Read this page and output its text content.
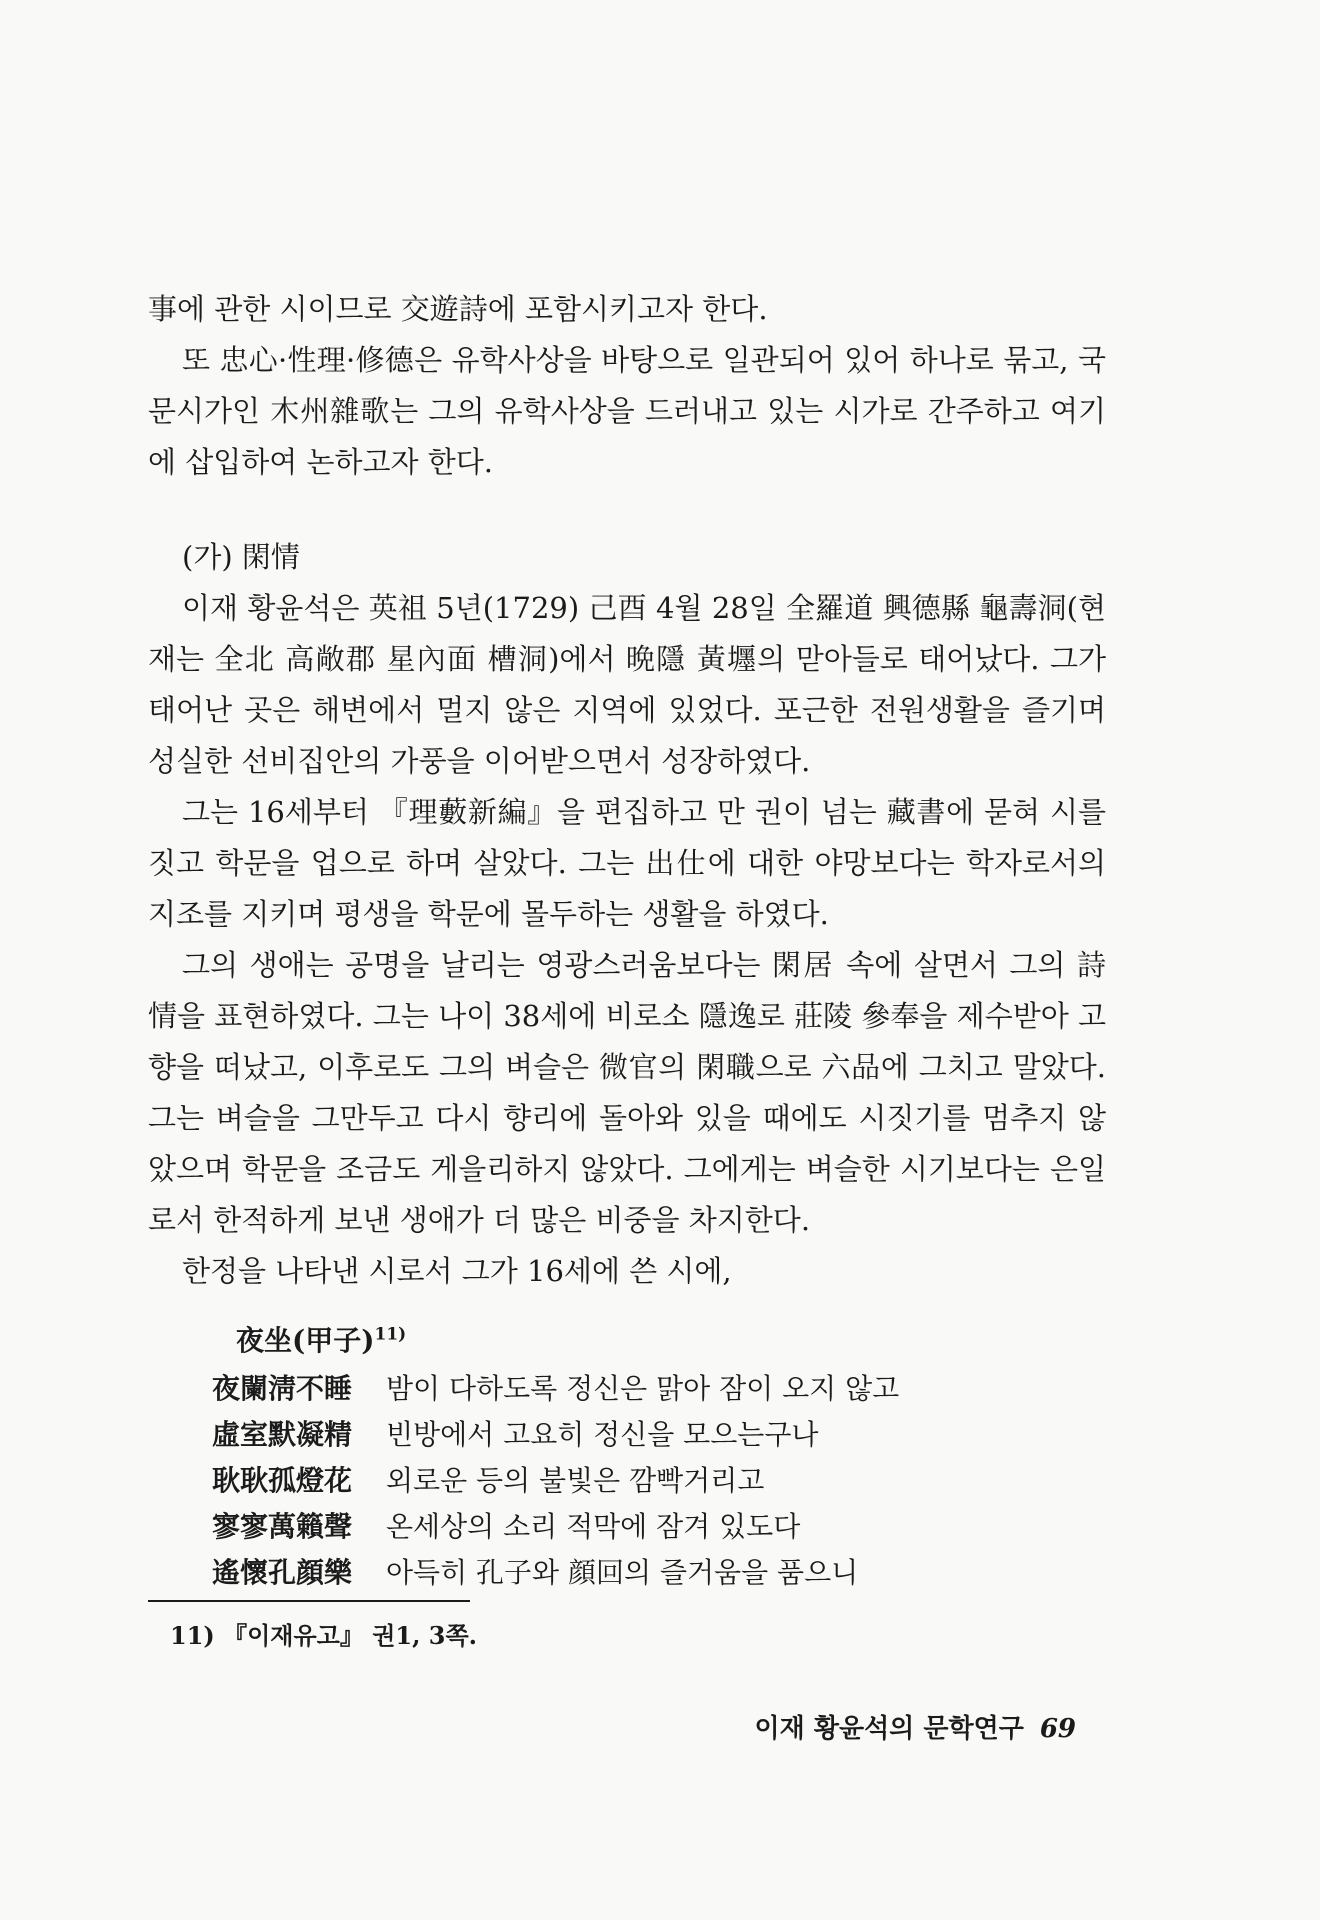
事에 관한 시이므로 交遊詩에 포함시키고자 한다.

또 忠心·性理·修德은 유학사상을 바탕으로 일관되어 있어 하나로 묶고, 국문시가인 木州雜歌는 그의 유학사상을 드러내고 있는 시가로 간주하고 여기에 삽입하여 논하고자 한다.

(가) 閑情

이재 황윤석은 英祖 5년(1729) 己酉 4월 28일 全羅道 興德縣 龜壽洞(현재는 全北 高敞郡 星內面 槽洞)에서 晩隱 黃壥의 맏아들로 태어났다. 그가 태어난 곳은 해변에서 멀지 않은 지역에 있었다. 포근한 전원생활을 즐기며 성실한 선비집안의 가풍을 이어받으면서 성장하였다.

그는 16세부터 『理藪新編』을 편집하고 만 권이 넘는 藏書에 묻혀 시를 짓고 학문을 업으로 하며 살았다. 그는 出仕에 대한 야망보다는 학자로서의 지조를 지키며 평생을 학문에 몰두하는 생활을 하였다.

그의 생애는 공명을 날리는 영광스러움보다는 閑居 속에 살면서 그의 詩情을 표현하였다. 그는 나이 38세에 비로소 隱逸로 莊陵 參奉을 제수받아 고향을 떠났고, 이후로도 그의 벼슬은 微官의 閑職으로 六品에 그치고 말았다. 그는 벼슬을 그만두고 다시 향리에 돌아와 있을 때에도 시짓기를 멈추지 않았으며 학문을 조금도 게을리하지 않았다. 그에게는 벼슬한 시기보다는 은일로서 한적하게 보낸 생애가 더 많은 비중을 차지한다.

한정을 나타낸 시로서 그가 16세에 쓴 시에,

夜坐(甲子)$^{11)}$
夜闌淸不睡	밤이 다하도록 정신은 맑아 잠이 오지 않고
虛室默凝精	빈방에서 고요히 정신을 모으는구나
耿耿孤燈花	외로운 등의 불빛은 깜빡거리고
寥寥萬籟聲	온세상의 소리 적막에 잠겨 있도다
遙懷孔顔樂	아득히 孔子와 顔回의 즐거움을 품으니
11) 『이재유고』 권1, 3쪽.
이재 황윤석의 문학연구 69
